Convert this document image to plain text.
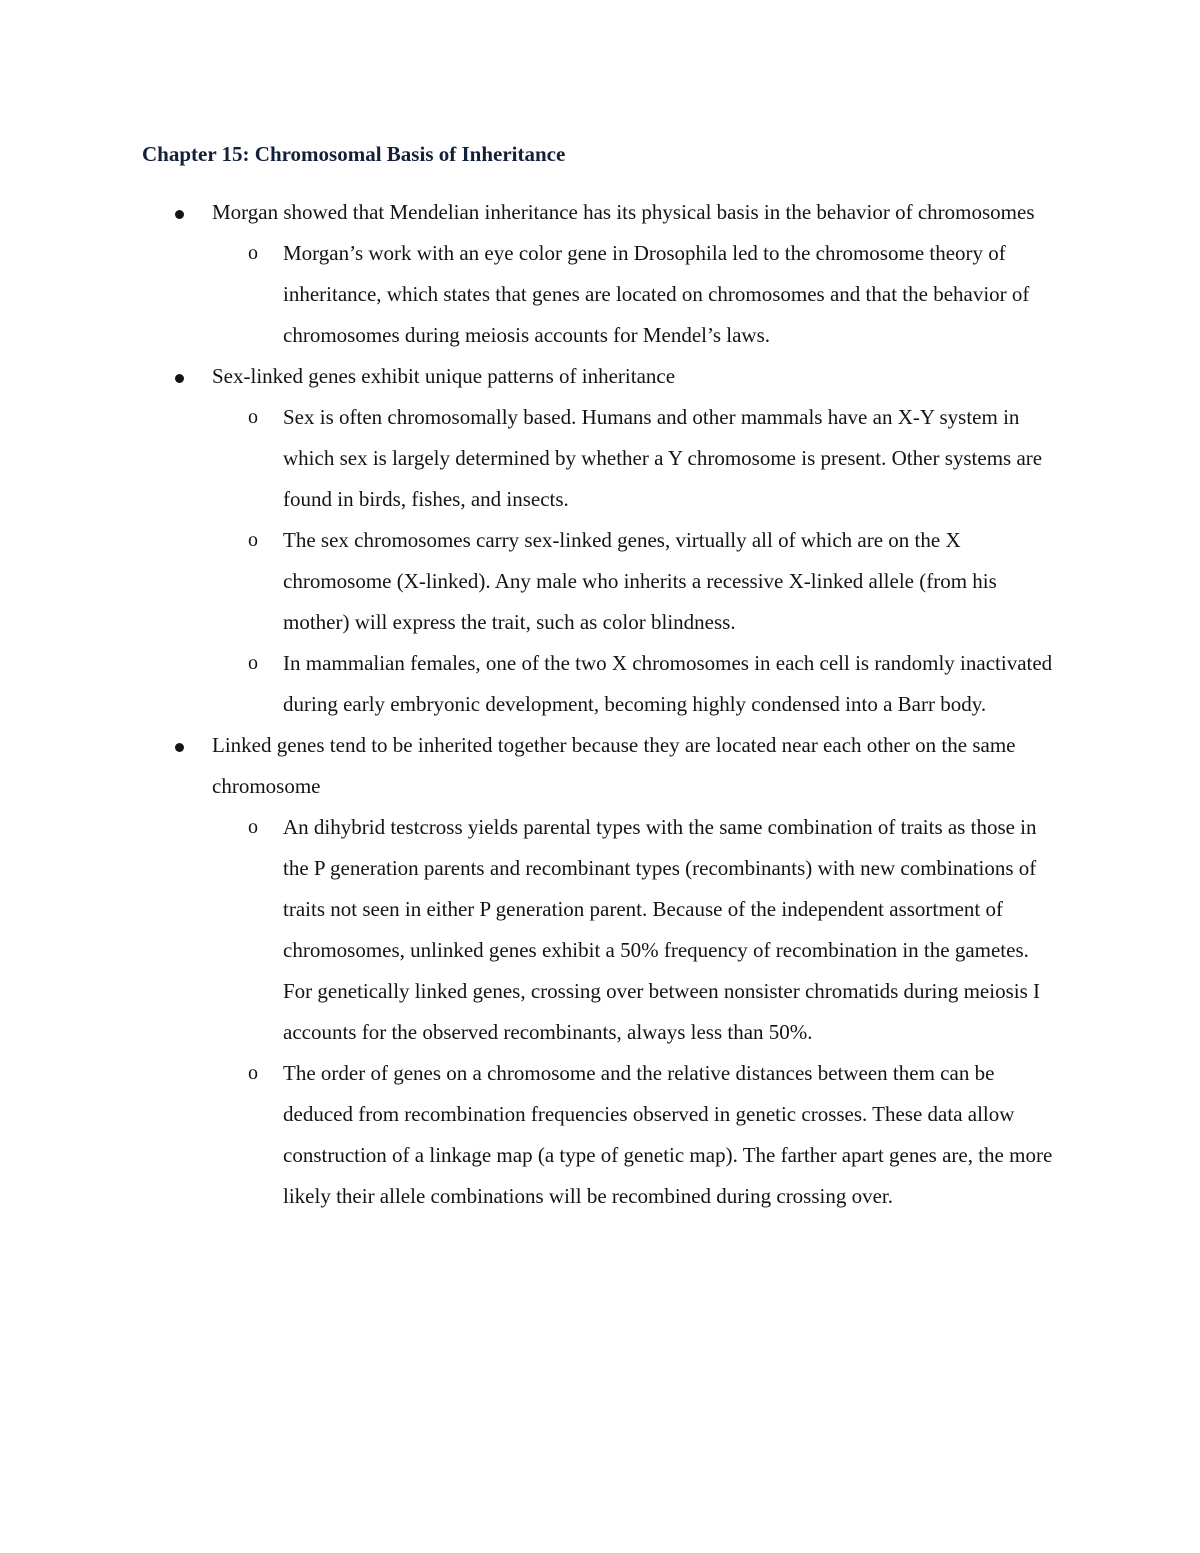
Chapter 15: Chromosomal Basis of Inheritance
Morgan showed that Mendelian inheritance has its physical basis in the behavior of chromosomes
o Morgan’s work with an eye color gene in Drosophila led to the chromosome theory of inheritance, which states that genes are located on chromosomes and that the behavior of chromosomes during meiosis accounts for Mendel’s laws.
Sex-linked genes exhibit unique patterns of inheritance
o Sex is often chromosomally based. Humans and other mammals have an X-Y system in which sex is largely determined by whether a Y chromosome is present. Other systems are found in birds, fishes, and insects.
o The sex chromosomes carry sex-linked genes, virtually all of which are on the X chromosome (X-linked). Any male who inherits a recessive X-linked allele (from his mother) will express the trait, such as color blindness.
o In mammalian females, one of the two X chromosomes in each cell is randomly inactivated during early embryonic development, becoming highly condensed into a Barr body.
Linked genes tend to be inherited together because they are located near each other on the same chromosome
o An dihybrid testcross yields parental types with the same combination of traits as those in the P generation parents and recombinant types (recombinants) with new combinations of traits not seen in either P generation parent. Because of the independent assortment of chromosomes, unlinked genes exhibit a 50% frequency of recombination in the gametes. For genetically linked genes, crossing over between nonsister chromatids during meiosis I accounts for the observed recombinants, always less than 50%.
o The order of genes on a chromosome and the relative distances between them can be deduced from recombination frequencies observed in genetic crosses. These data allow construction of a linkage map (a type of genetic map). The farther apart genes are, the more likely their allele combinations will be recombined during crossing over.
